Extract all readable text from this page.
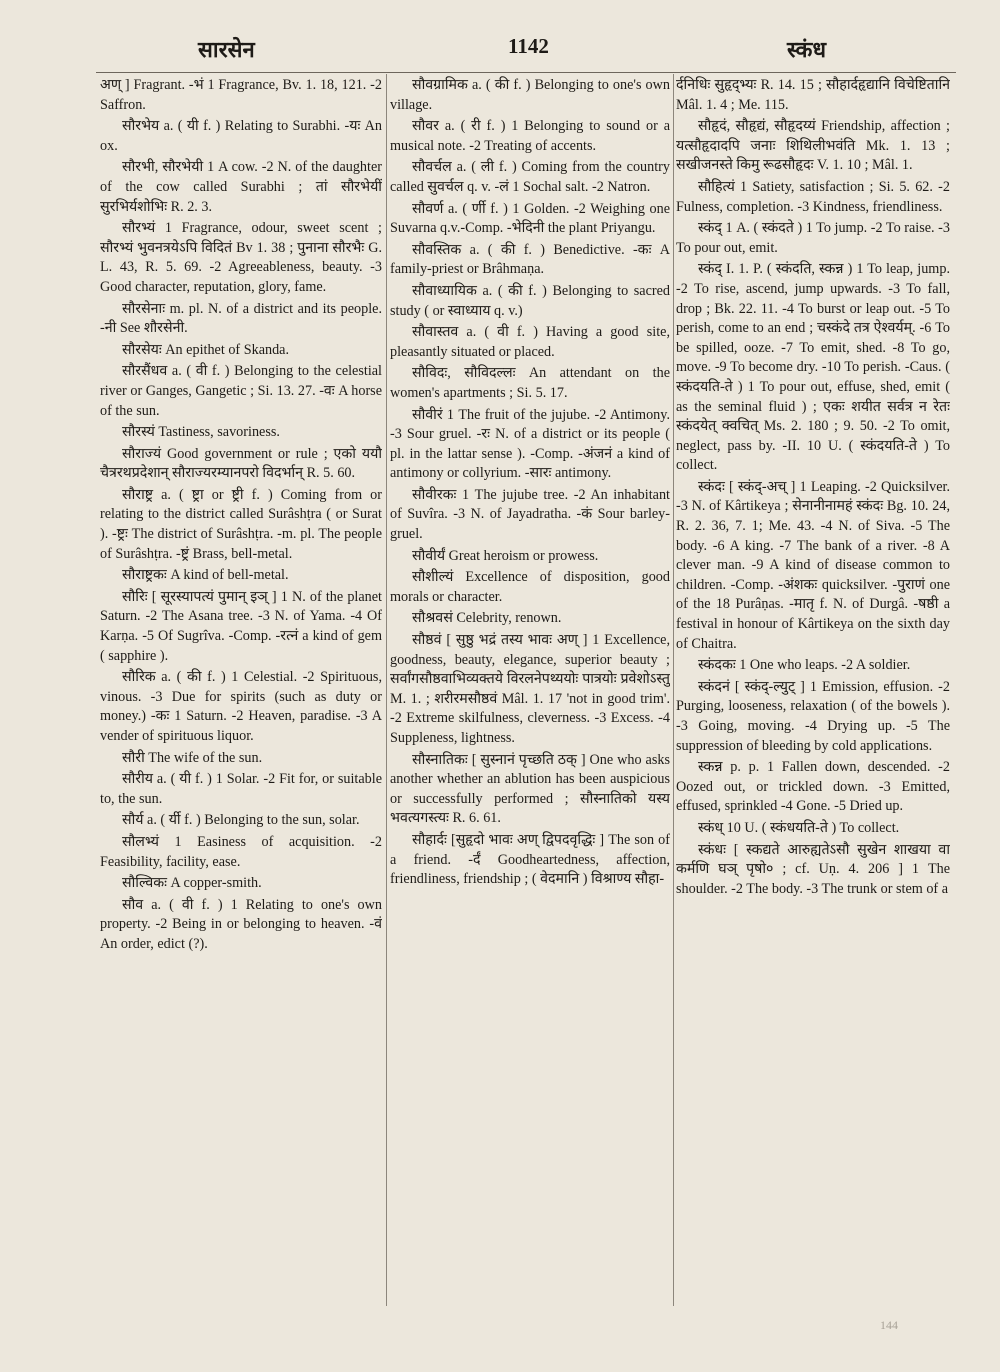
सारसेन	1142	स्कंध

अण् ] Fragrant. -भं 1 Fragrance, Bv. 1. 18, 121. -2 Saffron.

सौरभेय a. ( यी f. ) Relating to Surabhi. -यः An ox.

सौरभी, सौरभेयी 1 A cow. -2 N. of the daughter of the cow called Surabhi ; तां सौरभेयीं सुरभिर्यशोभिः R. 2. 3.

सौरभ्यं 1 Fragrance, odour, sweet scent ; सौरभ्यं भुवनत्रयेऽपि विदितं Bv 1. 38 ; पुनाना सौरभैः G. L. 43, R. 5. 69. -2 Agreeableness, beauty. -3 Good character, reputation, glory, fame.

सौरसेनाः m. pl. N. of a district and its people. -नी See शौरसेनी.

सौरसेयः An epithet of Skanda.

सौरसैंधव a. ( वी f. ) Belonging to the celestial river or Ganges, Gangetic ; Si. 13. 27. -वः A horse of the sun.

सौरस्यं Tastiness, savoriness.

सौराज्यं Good government or rule ; एको ययौ चैत्ररथप्रदेशान् सौराज्यरम्यानपरो विदर्भान् R. 5. 60.

सौराष्ट्र a. ( ष्ट्रा or ष्ट्री f. ) Coming from or relating to the district called Surâshṭra ( or Surat ). -ष्ट्रः The district of Surâshṭra. -m. pl. The people of Surâshṭra. -ष्ट्रं Brass, bell-metal.

सौराष्ट्रकः A kind of bell-metal.

सौरिः [ सूरस्यापत्यं पुमान् इञ् ] 1 N. of the planet Saturn. -2 The Asana tree. -3 N. of Yama. -4 Of Karṇa. -5 Of Sugrîva. -Comp. -रत्नं a kind of gem ( sapphire ).

सौरिक a. ( की f. ) 1 Celestial. -2 Spirituous, vinous. -3 Due for spirits (such as duty or money.) -कः 1 Saturn. -2 Heaven, paradise. -3 A vender of spirituous liquor.

सौरी The wife of the sun.

सौरीय a. ( यी f. ) 1 Solar. -2 Fit for, or suitable to, the sun.

सौर्य a. ( र्यी f. ) Belonging to the sun, solar.

सौलभ्यं 1 Easiness of acquisition. -2 Feasibility, facility, ease.

सौल्विकः A copper-smith.

सौव a. ( वी f. ) 1 Relating to one's own property. -2 Being in or belonging to heaven. -वं An order, edict (?).

सौवग्रामिक a. ( की f. ) Belonging to one's own village.

सौवर a. ( री f. ) 1 Belonging to sound or a musical note. -2 Treating of accents.

सौवर्चल a. ( ली f. ) Coming from the country called सुवर्चल q. v. -लं 1 Sochal salt. -2 Natron.

सौवर्ण a. ( र्णी f. ) 1 Golden. -2 Weighing one Suvarna q.v.-Comp. -भेदिनी the plant Priyangu.

सौवस्तिक a. ( की f. ) Benedictive. -कः A family-priest or Brâhmaṇa.

सौवाध्यायिक a. ( की f. ) Belonging to sacred study ( or स्वाध्याय q. v.)

सौवास्तव a. ( वी f. ) Having a good site, pleasantly situated or placed.

सौविदः, सौविदल्लः An attendant on the women's apartments ; Si. 5. 17.

सौवीरं 1 The fruit of the jujube. -2 Antimony. -3 Sour gruel. -रः N. of a district or its people ( pl. in the lattar sense ). -Comp. -अंजनं a kind of antimony or collyrium. -सारः antimony.

सौवीरकः 1 The jujube tree. -2 An inhabitant of Suvîra. -3 N. of Jayadratha. -कं Sour barley-gruel.

सौवीर्यं Great heroism or prowess.

सौशील्यं Excellence of disposition, good morals or character.

सौश्रवसं Celebrity, renown.

सौष्ठवं [ सुष्ठु भद्रं तस्य भावः अण् ] 1 Excellence, goodness, beauty, elegance, superior beauty ; सर्वांगसौष्ठवाभिव्यक्तये विरलनेपथ्ययोः पात्रयोः प्रवेशोऽस्तु M. 1. ; शरीरमसौष्ठवं Mâl. 1. 17 'not in good trim'. -2 Extreme skilfulness, cleverness. -3 Excess. -4 Suppleness, lightness.

सौस्नातिकः [ सुस्नानं पृच्छति ठक् ] One who asks another whether an ablution has been auspicious or successfully performed ; सौस्नातिको यस्य भवत्यगस्त्यः R. 6. 61.

सौहार्दः [सुहृदो भावः अण् द्विपदवृद्धिः ] The son of a friend. -र्दं Goodheartedness, affection, friendliness, friendship ; ( वेदमानि ) विश्राण्य सौहा-

र्दनिधिः सुहृद्भ्यः R. 14. 15 ; सौहार्दहृद्यानि विचेष्टितानि Mâl. 1. 4 ; Me. 115.

सौहृदं, सौहृद्यं, सौहृदय्यं Friendship, affection ; यत्सौहृदादपि जनाः शिथिलीभवंति Mk. 1. 13 ; सखीजनस्ते किमु रूढसौहृदः V. 1. 10 ; Mâl. 1.

सौहित्यं 1 Satiety, satisfaction ; Si. 5. 62. -2 Fulness, completion. -3 Kindness, friendliness.

स्कंद् 1 A. ( स्कंदते ) 1 To jump. -2 To raise. -3 To pour out, emit.

स्कंद् I. 1. P. ( स्कंदति, स्कन्न ) 1 To leap, jump. -2 To rise, ascend, jump upwards. -3 To fall, drop ; Bk. 22. 11. -4 To burst or leap out. -5 To perish, come to an end ; चस्कंदे तत्र ऐश्वर्यम्. -6 To be spilled, ooze. -7 To emit, shed. -8 To go, move. -9 To become dry. -10 To perish. -Caus. ( स्कंदयति-ते ) 1 To pour out, effuse, shed, emit ( as the seminal fluid ) ; एकः शयीत सर्वत्र न रेतः स्कंदयेत् क्वचित् Ms. 2. 180 ; 9. 50. -2 To omit, neglect, pass by. -II. 10 U. ( स्कंदयति-ते ) To collect.

स्कंदः [ स्कंद्-अच् ] 1 Leaping. -2 Quicksilver. -3 N. of Kârtikeya ; सेनानीनामहं स्कंदः Bg. 10. 24, R. 2. 36, 7. 1; Me. 43. -4 N. of Siva. -5 The body. -6 A king. -7 The bank of a river. -8 A clever man. -9 A kind of disease common to children. -Comp. -अंशकः quicksilver. -पुराणं one of the 18 Purâṇas. -मातृ f. N. of Durgâ. -षष्ठी a festival in honour of Kârtikeya on the sixth day of Chaitra.

स्कंदकः 1 One who leaps. -2 A soldier.

स्कंदनं [ स्कंद्-ल्युट् ] 1 Emission, effusion. -2 Purging, looseness, relaxation ( of the bowels ). -3 Going, moving. -4 Drying up. -5 The suppression of bleeding by cold applications.

स्कन्न p. p. 1 Fallen down, descended. -2 Oozed out, or trickled down. -3 Emitted, effused, sprinkled -4 Gone. -5 Dried up.

स्कंध् 10 U. ( स्कंधयति-ते ) To collect.

स्कंधः [ स्कद्यते आरुह्यतेऽसौ सुखेन शाखया वा कर्मणि घञ् पृषो० ; cf. Uṇ. 4. 206 ] 1 The shoulder. -2 The body. -3 The trunk or stem of a

144
